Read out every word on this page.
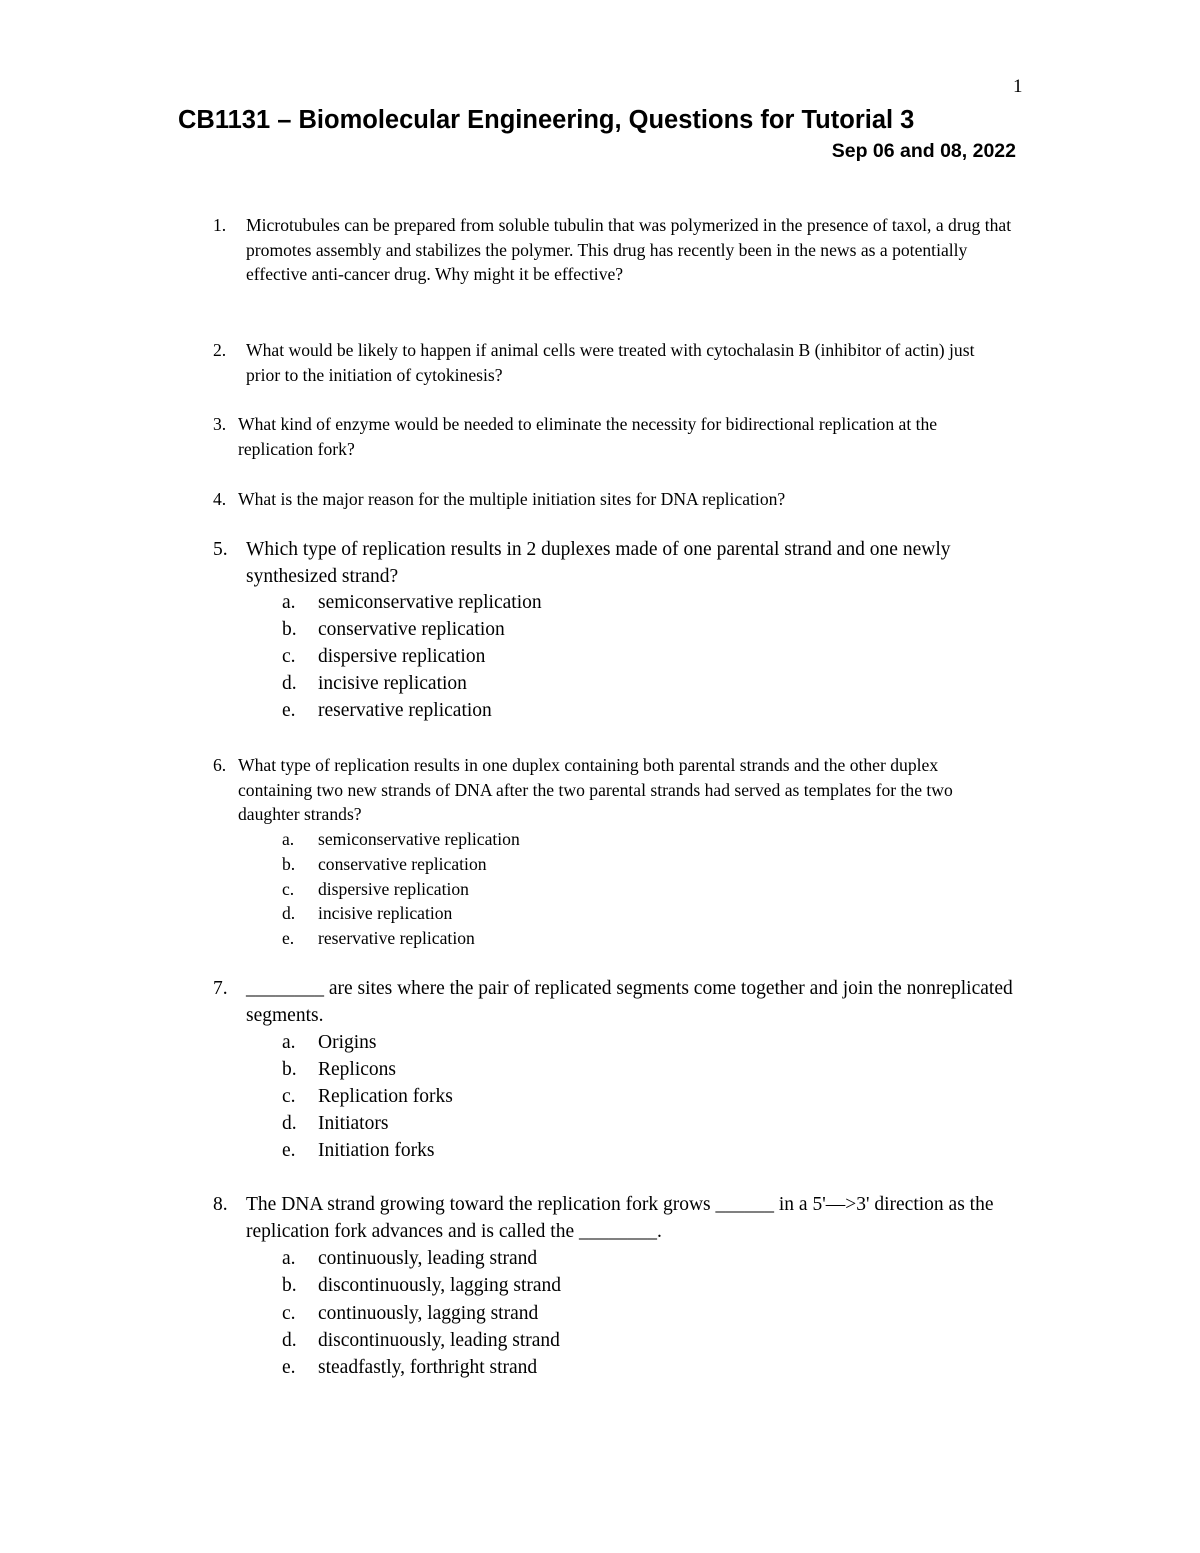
1
CB1131 – Biomolecular Engineering, Questions for Tutorial 3
Sep 06 and 08, 2022
1. Microtubules can be prepared from soluble tubulin that was polymerized in the presence of taxol, a drug that promotes assembly and stabilizes the polymer. This drug has recently been in the news as a potentially effective anti-cancer drug. Why might it be effective?
2. What would be likely to happen if animal cells were treated with cytochalasin B (inhibitor of actin) just prior to the initiation of cytokinesis?
3. What kind of enzyme would be needed to eliminate the necessity for bidirectional replication at the replication fork?
4. What is the major reason for the multiple initiation sites for DNA replication?
5. Which type of replication results in 2 duplexes made of one parental strand and one newly synthesized strand?
a. semiconservative replication
b. conservative replication
c. dispersive replication
d. incisive replication
e. reservative replication
6. What type of replication results in one duplex containing both parental strands and the other duplex containing two new strands of DNA after the two parental strands had served as templates for the two daughter strands?
a. semiconservative replication
b. conservative replication
c. dispersive replication
d. incisive replication
e. reservative replication
7. ________ are sites where the pair of replicated segments come together and join the nonreplicated segments.
a. Origins
b. Replicons
c. Replication forks
d. Initiators
e. Initiation forks
8. The DNA strand growing toward the replication fork grows ______ in a 5'—>3' direction as the replication fork advances and is called the ________.
a. continuously, leading strand
b. discontinuously, lagging strand
c. continuously, lagging strand
d. discontinuously, leading strand
e. steadfastly, forthright strand
